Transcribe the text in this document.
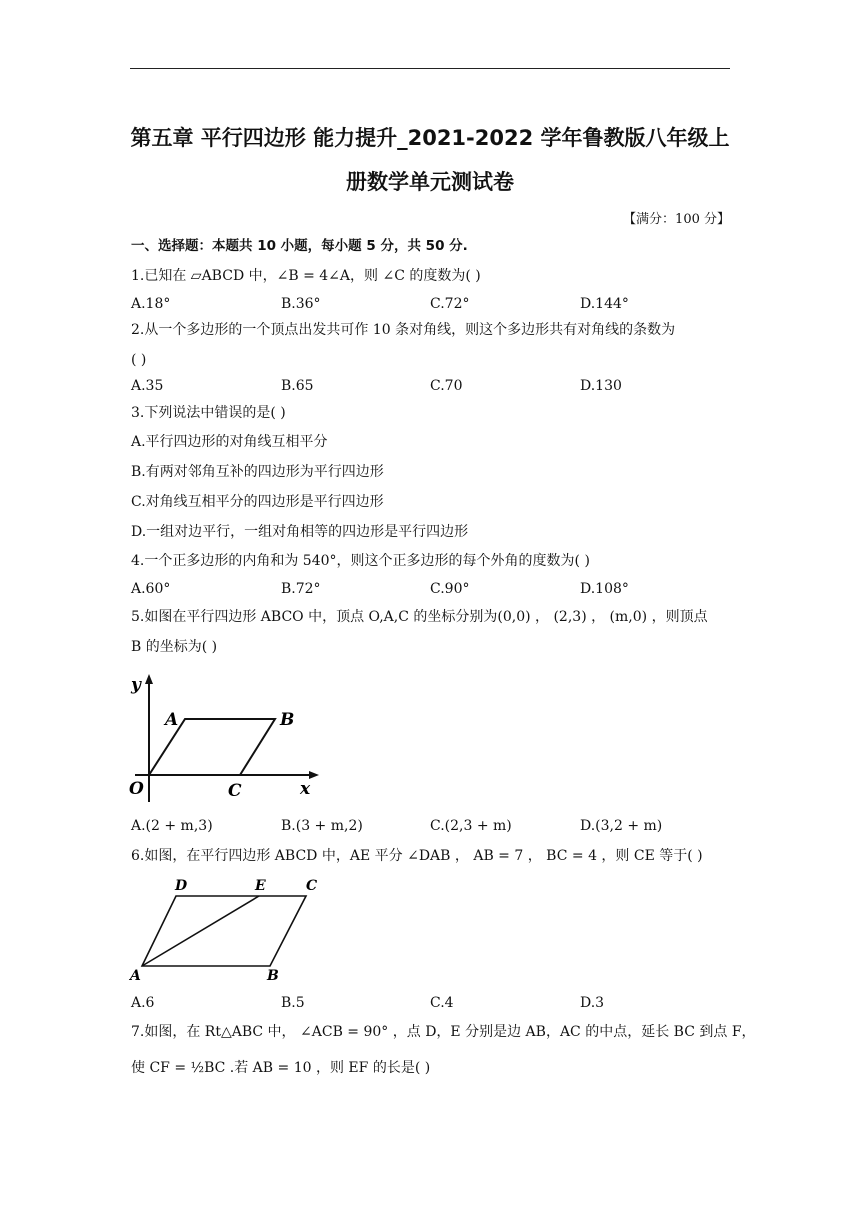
第五章 平行四边形 能力提升_2021-2022 学年鲁教版八年级上
册数学单元测试卷
【满分：100 分】
一、选择题：本题共 10 小题，每小题 5 分，共 50 分.
1.已知在 ▱ABCD 中，∠B = 4∠A，则 ∠C 的度数为( )
A.18°	B.36°	C.72°	D.144°
2.从一个多边形的一个顶点出发共可作 10 条对角线，则这个多边形共有对角线的条数为
( )
A.35	B.65	C.70	D.130
3.下列说法中错误的是( )
A.平行四边形的对角线互相平分
B.有两对邻角互补的四边形为平行四边形
C.对角线互相平分的四边形是平行四边形
D.一组对边平行，一组对角相等的四边形是平行四边形
4.一个正多边形的内角和为 540°，则这个正多边形的每个外角的度数为( )
A.60°	B.72°	C.90°	D.108°
5.如图在平行四边形 ABCO 中，顶点 O,A,C 的坐标分别为(0,0) ， (2,3) ， (m,0) ，则顶点
B 的坐标为( )
y
x
O
A	B
C
A.(2 + m,3)	B.(3 + m,2)	C.(2,3 + m)	D.(3,2 + m)
6.如图，在平行四边形 ABCD 中，AE 平分 ∠DAB ， AB = 7 ， BC = 4 ，则 CE 等于( )
A	B
C
D	E
A.6	B.5	C.4	D.3
7.如图，在 Rt△ABC 中， ∠ACB = 90° ，点 D，E 分别是边 AB，AC 的中点，延长 BC 到点 F，
使 CF = ½BC .若 AB = 10 ，则 EF 的长是( )
